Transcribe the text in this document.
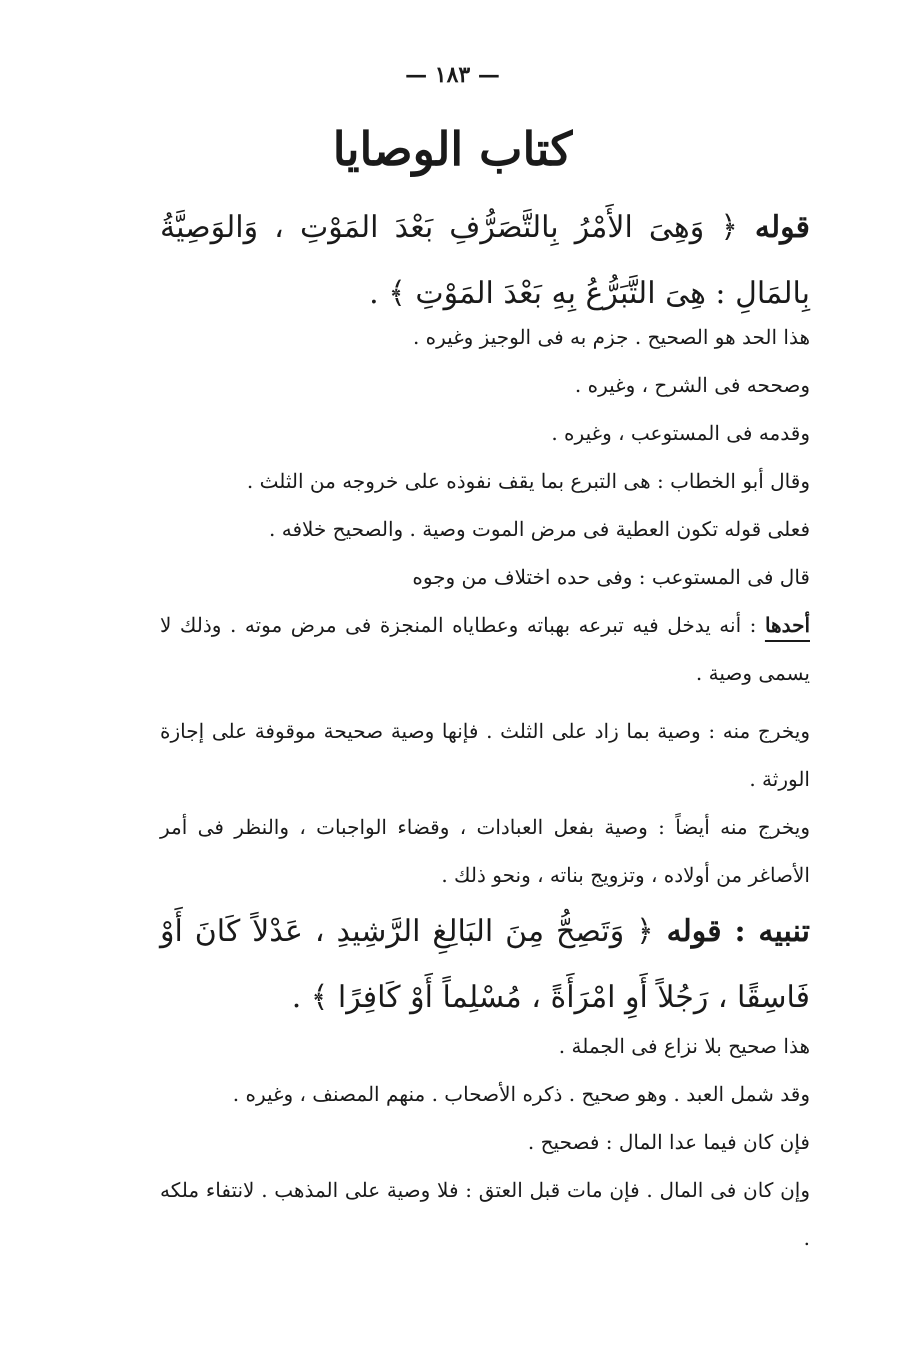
— ١٨٣ —
كتاب الوصايا
قوله ﴿ وَهِىَ الأَمْرُ بِالتَّصَرُّفِ بَعْدَ المَوْتِ ، وَالوَصِيَّةُ بِالمَالِ : هِىَ التَّبَرُّعُ بِهِ بَعْدَ المَوْتِ ﴾ .
هذا الحد هو الصحيح . جزم به فى الوجيز وغيره .
وصححه فى الشرح ، وغيره .
وقدمه فى المستوعب ، وغيره .
وقال أبو الخطاب : هى التبرع بما يقف نفوذه على خروجه من الثلث .
فعلى قوله تكون العطية فى مرض الموت وصية . والصحيح خلافه .
قال فى المستوعب : وفى حده اختلاف من وجوه
أحدها : أنه يدخل فيه تبرعه بهباته وعطاياه المنجزة فى مرض موته . وذلك لا يسمى وصية .
ويخرج منه : وصية بما زاد على الثلث . فإنها وصية صحيحة موقوفة على إجازة الورثة .
ويخرج منه أيضاً : وصية بفعل العبادات ، وقضاء الواجبات ، والنظر فى أمر الأصاغر من أولاده ، وتزويج بناته ، ونحو ذلك .
تنبيه : قوله ﴿ وَتَصِحُّ مِنَ البَالِغِ الرَّشِيدِ ، عَدْلاً كَانَ أَوْ فَاسِقًا ، رَجُلاً أَوِ امْرَأَةً ، مُسْلِماً أَوْ كَافِرًا ﴾ .
هذا صحيح بلا نزاع فى الجملة .
وقد شمل العبد . وهو صحيح . ذكره الأصحاب . منهم المصنف ، وغيره .
فإن كان فيما عدا المال : فصحيح .
وإن كان فى المال . فإن مات قبل العتق : فلا وصية على المذهب . لانتفاء ملكه .
